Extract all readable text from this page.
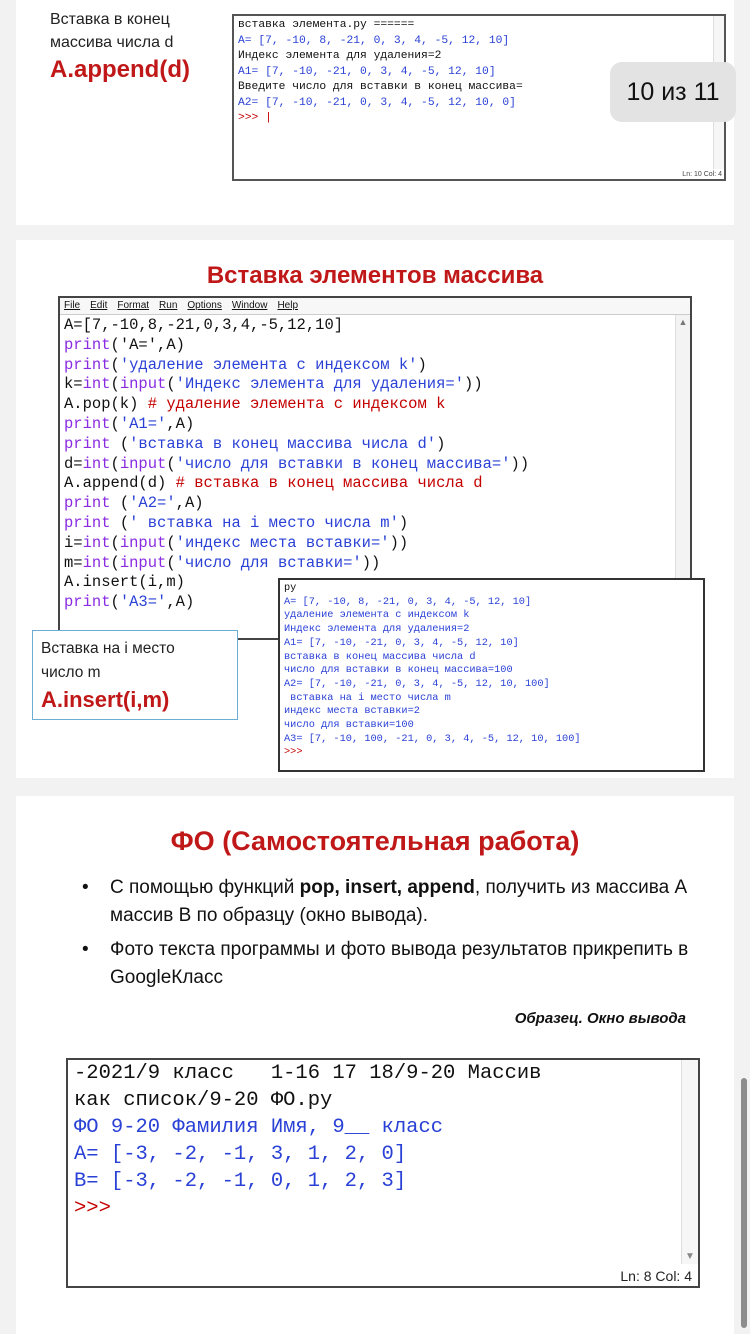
Вставка в конец
массива числа d
A.append(d)
вставка элемента.py ======
A= [7, -10, 8, -21, 0, 3, 4, -5, 12, 10]
Индекс элемента для удаления=2
A1= [7, -10, -21, 0, 3, 4, -5, 12, 10]
Введите число для вставки в конец массива=
A2= [7, -10, -21, 0, 3, 4, -5, 12, 10, 0]
>>> |
Ln: 10 Col: 4
10 из 11
Вставка элементов массива
File Edit Format Run Options Window Help
A=[7,-10,8,-21,0,3,4,-5,12,10]
print('A=',A)
print('удаление элемента с индексом k')
k=int(input('Индекс элемента для удаления='))
A.pop(k) # удаление элемента с индексом k
print('A1=',A)
print ('вставка в конец массива числа d')
d=int(input('число для вставки в конец массива='))
A.append(d) # вставка в конец массива числа d
print ('A2=',A)
print (' вставка на i место числа m')
i=int(input('индекс места вставки='))
m=int(input('число для вставки='))
A.insert(i,m)
print('A3=',A)
▲
Вставка на i место
число m
A.insert(i,m)
py
A= [7, -10, 8, -21, 0, 3, 4, -5, 12, 10]
удаление элемента с индексом k
Индекс элемента для удаления=2
A1= [7, -10, -21, 0, 3, 4, -5, 12, 10]
вставка в конец массива числа d
число для вставки в конец массива=100
A2= [7, -10, -21, 0, 3, 4, -5, 12, 10, 100]
вставка на i место числа m
индекс места вставки=2
число для вставки=100
A3= [7, -10, 100, -21, 0, 3, 4, -5, 12, 10, 100]
>>>
ФО (Самостоятельная работа)
• С помощью функций pop, insert, append, получить из массива А массив В по образцу (окно вывода).
• Фото текста программы и фото вывода результатов прикрепить в GoogleКласс
Образец. Окно вывода
-2021/9 класс   1-16 17 18/9-20 Массив
как список/9-20 ФО.py
ФО 9-20 Фамилия Имя, 9__ класс
A= [-3, -2, -1, 3, 1, 2, 0]
B= [-3, -2, -1, 0, 1, 2, 3]
>>>
▼
Ln: 8 Col: 4
